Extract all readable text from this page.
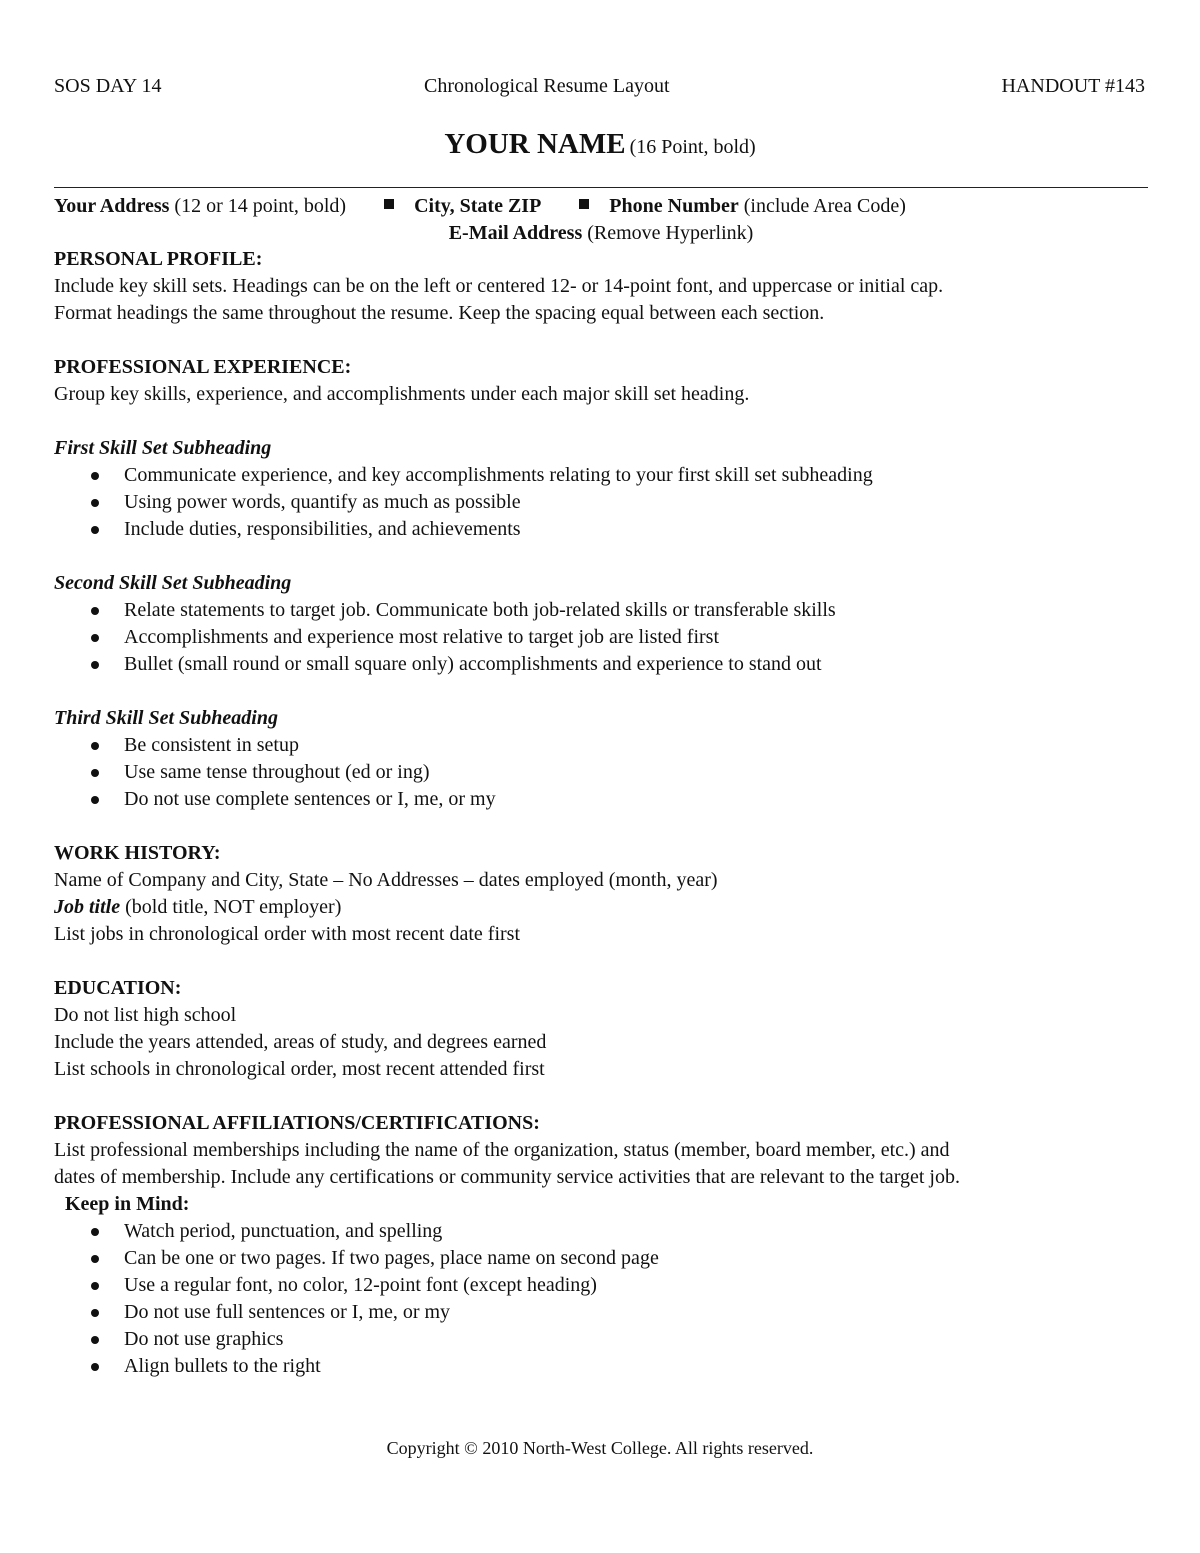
SOS DAY 14	Chronological Resume Layout	HANDOUT #143
YOUR NAME (16 Point, bold)
Your Address (12 or 14 point, bold)	City, State ZIP	Phone Number (include Area Code)
E-Mail Address (Remove Hyperlink)

PERSONAL PROFILE:

Include key skill sets. Headings can be on the left or centered 12- or 14-point font, and uppercase or initial cap.

Format headings the same throughout the resume. Keep the spacing equal between each section.

PROFESSIONAL EXPERIENCE:

Group key skills, experience, and accomplishments under each major skill set heading.

First Skill Set Subheading

Communicate experience, and key accomplishments relating to your first skill set subheading
Using power words, quantify as much as possible
Include duties, responsibilities, and achievements

Second Skill Set Subheading

Relate statements to target job. Communicate both job-related skills or transferable skills
Accomplishments and experience most relative to target job are listed first
Bullet (small round or small square only) accomplishments and experience to stand out

Third Skill Set Subheading

Be consistent in setup
Use same tense throughout (ed or ing)
Do not use complete sentences or I, me, or my

WORK HISTORY:

Name of Company and City, State – No Addresses – dates employed (month, year)

Job title (bold title, NOT employer)

List jobs in chronological order with most recent date first

EDUCATION:

Do not list high school

Include the years attended, areas of study, and degrees earned

List schools in chronological order, most recent attended first

PROFESSIONAL AFFILIATIONS/CERTIFICATIONS:

List professional memberships including the name of the organization, status (member, board member, etc.) and

dates of membership. Include any certifications or community service activities that are relevant to the target job.

Keep in Mind:

Watch period, punctuation, and spelling
Can be one or two pages. If two pages, place name on second page
Use a regular font, no color, 12-point font (except heading)
Do not use full sentences or I, me, or my
Do not use graphics
Align bullets to the right
Copyright © 2010 North-West College. All rights reserved.
